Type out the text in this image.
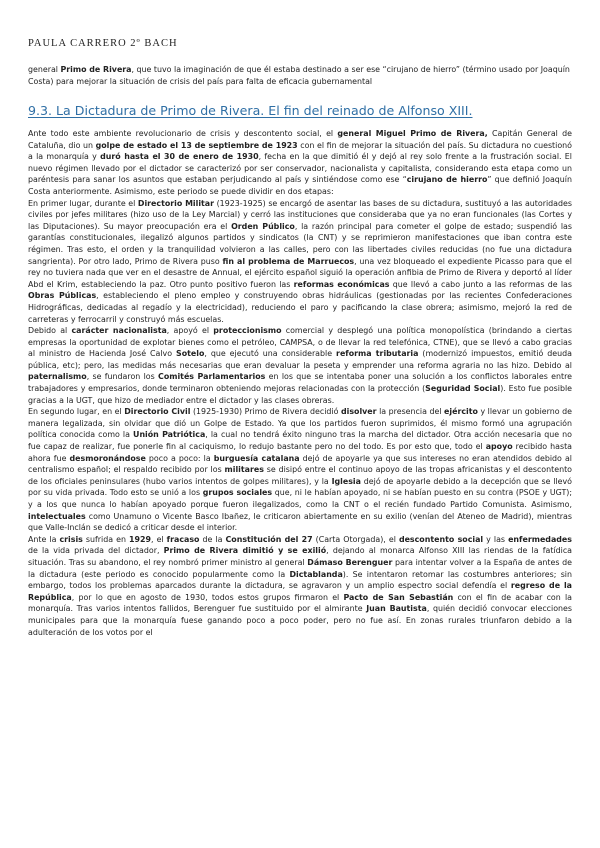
PAULA CARRERO 2º BACH
general Primo de Rivera, que tuvo la imaginación de que él estaba destinado a ser ese “cirujano de hierro” (término usado por Joaquín Costa) para mejorar la situación de crisis del país para falta de eficacia gubernamental
9.3. La Dictadura de Primo de Rivera. El fin del reinado de Alfonso XIII.

Ante todo este ambiente revolucionario de crisis y descontento social, el general Miguel Primo de Rivera, Capitán General de Cataluña, dio un golpe de estado el 13 de septiembre de 1923 con el fin de mejorar la situación del país. Su dictadura no cuestionó a la monarquía y duró hasta el 30 de enero de 1930, fecha en la que dimitió él y dejó al rey solo frente a la frustración social. El nuevo régimen llevado por el dictador se caracterizó por ser conservador, nacionalista y capitalista, considerando esta etapa como un paréntesis para sanar los asuntos que estaban perjudicando al país y sintiéndose como ese “cirujano de hierro” que definió Joaquín Costa anteriormente. Asimismo, este periodo se puede dividir en dos etapas:

En primer lugar, durante el Directorio Militar (1923-1925) se encargó de asentar las bases de su dictadura, sustituyó a las autoridades civiles por jefes militares (hizo uso de la Ley Marcial) y cerró las instituciones que consideraba que ya no eran funcionales (las Cortes y las Diputaciones). Su mayor preocupación era el Orden Público, la razón principal para cometer el golpe de estado; suspendió las garantías constitucionales, ilegalizó algunos partidos y sindicatos (la CNT) y se reprimieron manifestaciones que iban contra este régimen. Tras esto, el orden y la tranquilidad volvieron a las calles, pero con las libertades civiles reducidas (no fue una dictadura sangrienta). Por otro lado, Primo de Rivera puso fin al problema de Marruecos, una vez bloqueado el expediente Picasso para que el rey no tuviera nada que ver en el desastre de Annual, el ejército español siguió la operación anfibia de Primo de Rivera y deportó al líder Abd el Krim, estableciendo la paz. Otro punto positivo fueron las reformas económicas que llevó a cabo junto a las reformas de las Obras Públicas, estableciendo el pleno empleo y construyendo obras hidráulicas (gestionadas por las recientes Confederaciones Hidrográficas, dedicadas al regadío y la electricidad), reduciendo el paro y pacificando la clase obrera; asimismo, mejoró la red de carreteras y ferrocarril y construyó más escuelas.

Debido al carácter nacionalista, apoyó el proteccionismo comercial y desplegó una política monopolística (brindando a ciertas empresas la oportunidad de explotar bienes como el petróleo, CAMPSA, o de llevar la red telefónica, CTNE), que se llevó a cabo gracias al ministro de Hacienda José Calvo Sotelo, que ejecutó una considerable reforma tributaria (modernizó impuestos, emitió deuda pública, etc); pero, las medidas más necesarias que eran devaluar la peseta y emprender una reforma agraria no las hizo. Debido al paternalismo, se fundaron los Comités Parlamentarios en los que se intentaba poner una solución a los conflictos laborales entre trabajadores y empresarios, donde terminaron obteniendo mejoras relacionadas con la protección (Seguridad Social). Esto fue posible gracias a la UGT, que hizo de mediador entre el dictador y las clases obreras.

En segundo lugar, en el Directorio Civil (1925-1930) Primo de Rivera decidió disolver la presencia del ejército y llevar un gobierno de manera legalizada, sin olvidar que dió un Golpe de Estado. Ya que los partidos fueron suprimidos, él mismo formó una agrupación política conocida como la Unión Patriótica, la cual no tendrá éxito ninguno tras la marcha del dictador. Otra acción necesaria que no fue capaz de realizar, fue ponerle fin al caciquismo, lo redujo bastante pero no del todo. Es por esto que, todo el apoyo recibido hasta ahora fue desmoronándose poco a poco: la burguesía catalana dejó de apoyarle ya que sus intereses no eran atendidos debido al centralismo español; el respaldo recibido por los militares se disipó entre el continuo apoyo de las tropas africanistas y el descontento de los oficiales peninsulares (hubo varios intentos de golpes militares), y la Iglesia dejó de apoyarle debido a la decepción que se llevó por su vida privada. Todo esto se unió a los grupos sociales que, ni le habían apoyado, ni se habían puesto en su contra (PSOE y UGT); y a los que nunca lo habían apoyado porque fueron ilegalizados, como la CNT o el recién fundado Partido Comunista. Asimismo, intelectuales como Unamuno o Vicente Basco Ibañez, le criticaron abiertamente en su exilio (venían del Ateneo de Madrid), mientras que Valle-Inclán se dedicó a criticar desde el interior.

Ante la crisis sufrida en 1929, el fracaso de la Constitución del 27 (Carta Otorgada), el descontento social y las enfermedades de la vida privada del dictador, Primo de Rivera dimitió y se exilió, dejando al monarca Alfonso XIII las riendas de la fatídica situación. Tras su abandono, el rey nombró primer ministro al general Dámaso Berenguer para intentar volver a la España de antes de la dictadura (este periodo es conocido popularmente como la Dictablanda). Se intentaron retomar las costumbres anteriores; sin embargo, todos los problemas aparcados durante la dictadura, se agravaron y un amplio espectro social defendía el regreso de la República, por lo que en agosto de 1930, todos estos grupos firmaron el Pacto de San Sebastián con el fin de acabar con la monarquía. Tras varios intentos fallidos, Berenguer fue sustituido por el almirante Juan Bautista, quién decidió convocar elecciones municipales para que la monarquía fuese ganando poco a poco poder, pero no fue así. En zonas rurales triunfaron debido a la adulteración de los votos por el
